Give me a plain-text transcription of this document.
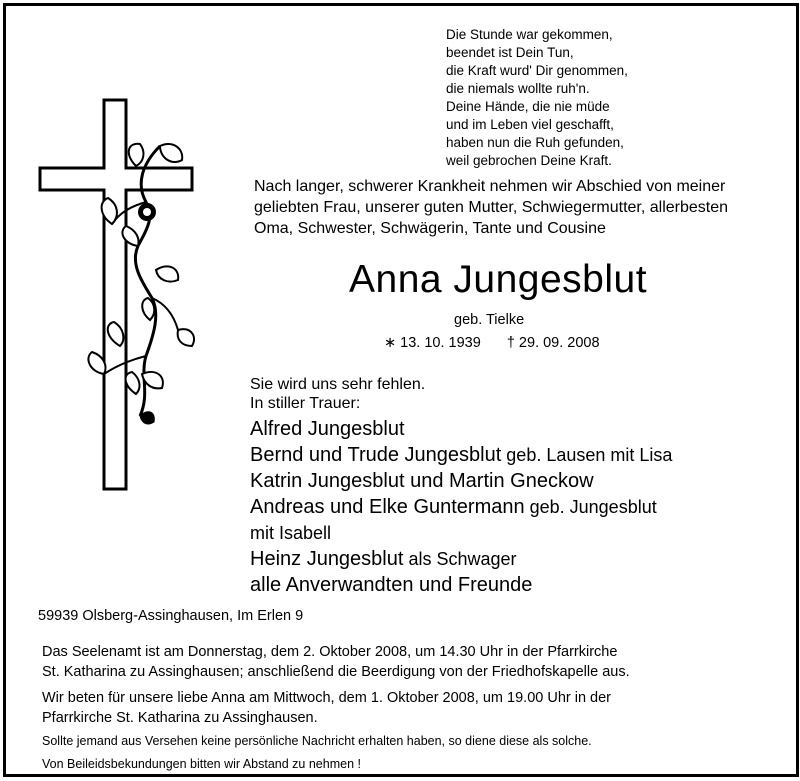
Die Stunde war gekommen,
beendet ist Dein Tun,
die Kraft wurd' Dir genommen,
die niemals wollte ruh'n.
Deine Hände, die nie müde
und im Leben viel geschafft,
haben nun die Ruh gefunden,
weil gebrochen Deine Kraft.
Nach langer, schwerer Krankheit nehmen wir Abschied von meiner
geliebten Frau, unserer guten Mutter, Schwiegermutter, allerbesten
Oma, Schwester, Schwägerin, Tante und Cousine
Anna Jungesblut
geb. Tielke
∗ 13. 10. 1939 † 29. 09. 2008
Sie wird uns sehr fehlen.
In stiller Trauer:
Alfred Jungesblut
Bernd und Trude Jungesblut geb. Lausen mit Lisa
Katrin Jungesblut und Martin Gneckow
Andreas und Elke Guntermann geb. Jungesblut
mit Isabell
Heinz Jungesblut als Schwager
alle Anverwandten und Freunde
59939 Olsberg-Assinghausen, Im Erlen 9
Das Seelenamt ist am Donnerstag, dem 2. Oktober 2008, um 14.30 Uhr in der Pfarrkirche
St. Katharina zu Assinghausen; anschließend die Beerdigung von der Friedhofskapelle aus.
Wir beten für unsere liebe Anna am Mittwoch, dem 1. Oktober 2008, um 19.00 Uhr in der
Pfarrkirche St. Katharina zu Assinghausen.
Sollte jemand aus Versehen keine persönliche Nachricht erhalten haben, so diene diese als solche.
Von Beileidsbekundungen bitten wir Abstand zu nehmen !
